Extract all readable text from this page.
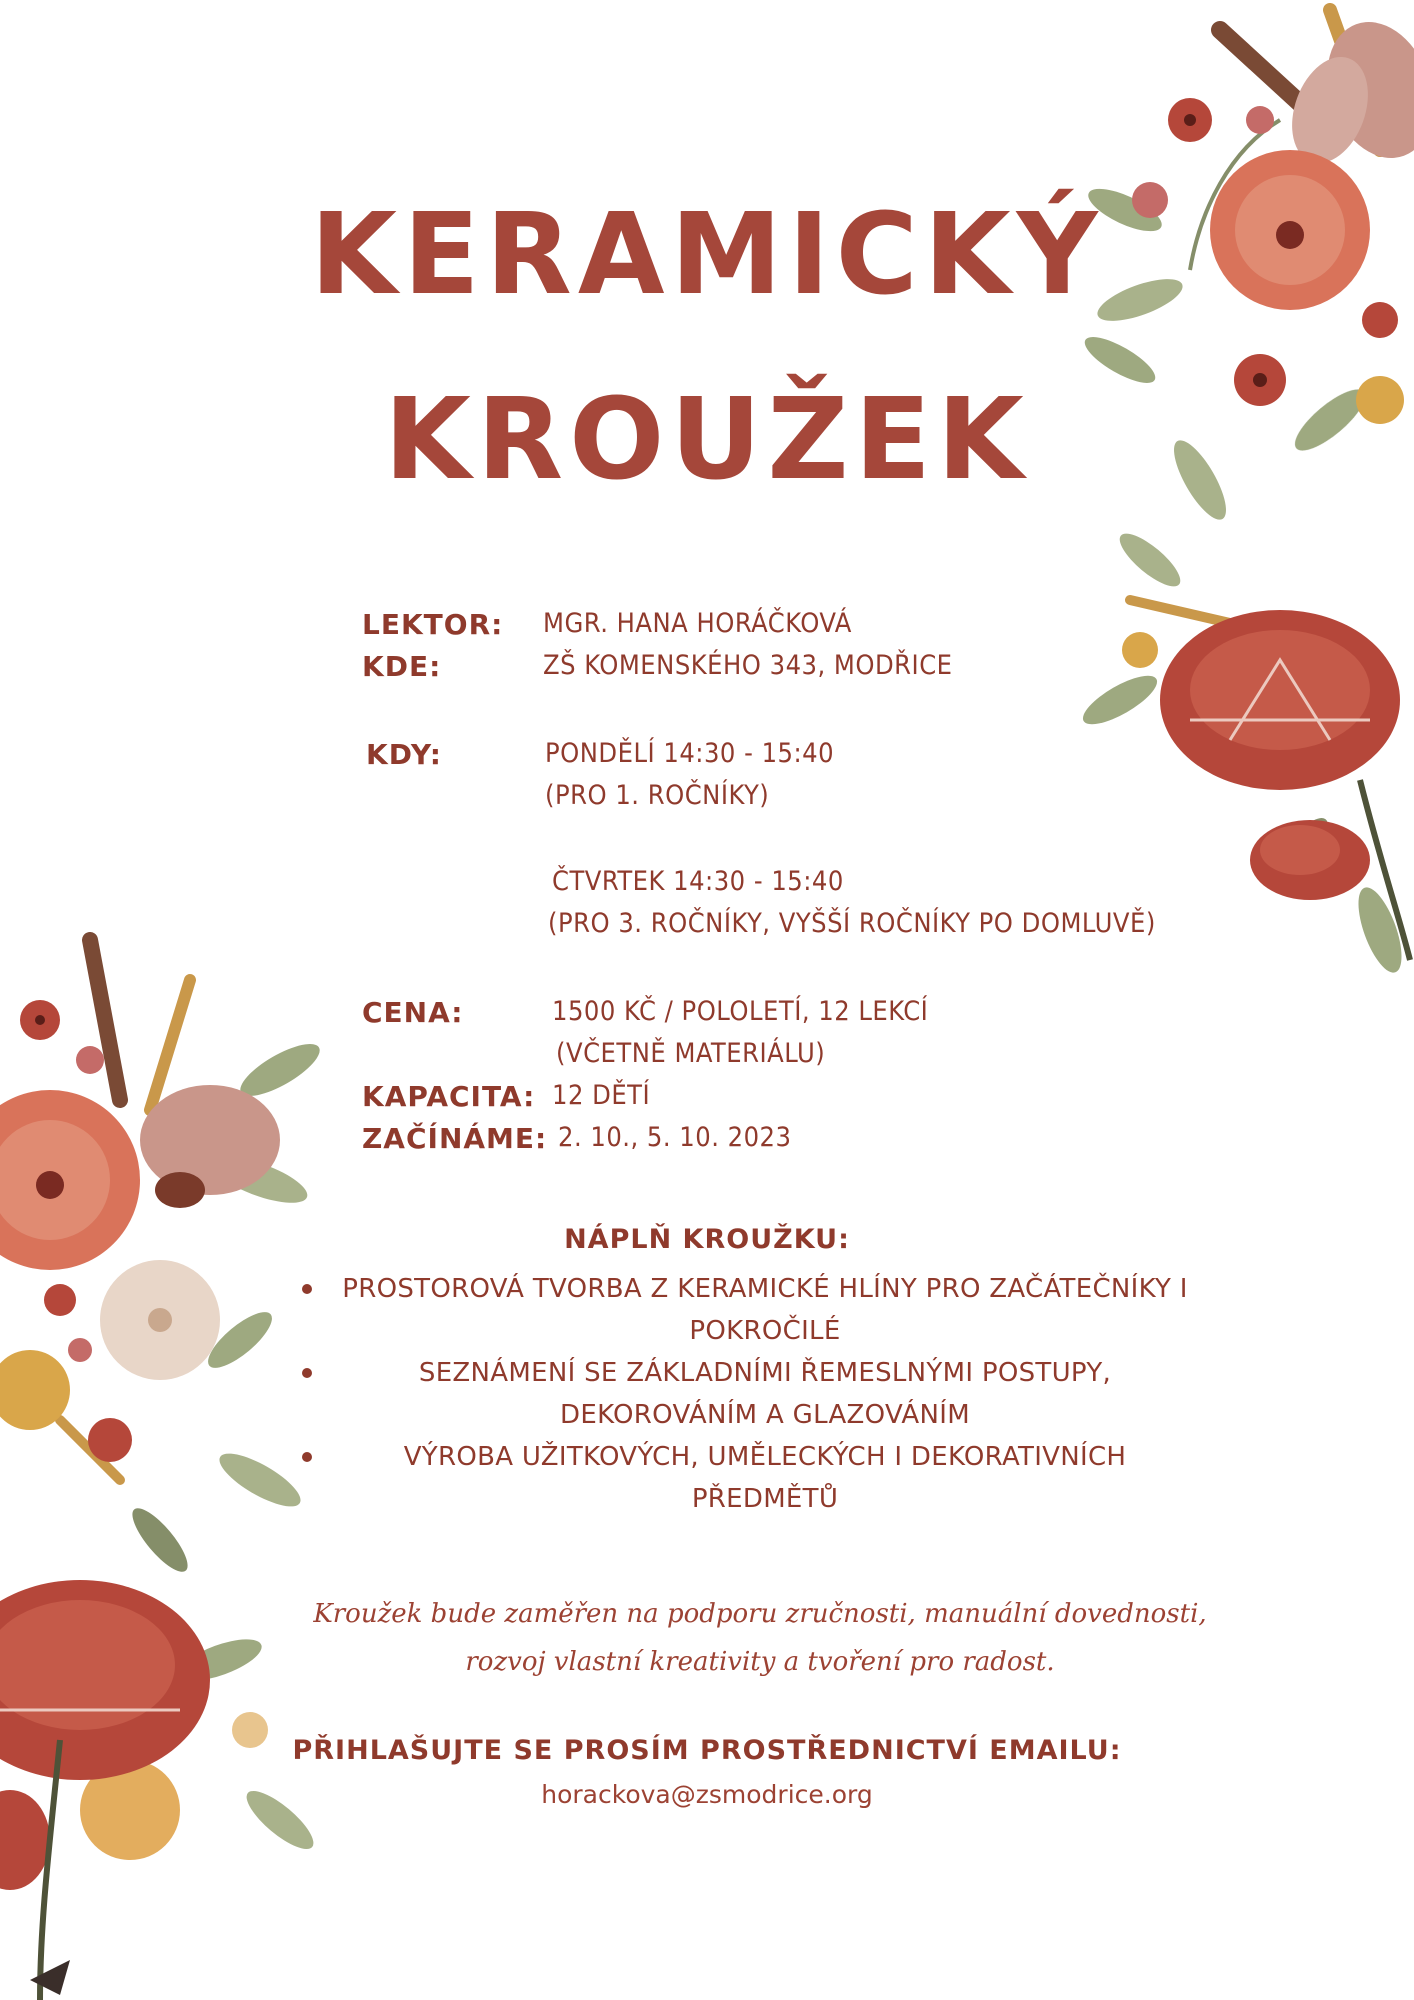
KERAMICKÝ
KROUŽEK
LEKTOR: MGR. HANA HORÁČKOVÁ
KDE:	ZŠ KOMENSKÉHO 343, MODŘICE
KDY:	PONDĚLÍ 14:30 - 15:40
(PRO 1. ROČNÍKY)
ČTVRTEK 14:30 - 15:40
(PRO 3. ROČNÍKY, VYŠŠÍ ROČNÍKY PO DOMLUVĚ)
CENA:	1500 KČ / POLOLETÍ, 12 LEKCÍ
(VČETNĚ MATERIÁLU)
KAPACITA: 12 DĚTÍ
ZAČÍNÁME: 2. 10., 5. 10. 2023
NÁPLŇ KROUŽKU:
PROSTOROVÁ TVORBA Z KERAMICKÉ HLÍNY PRO ZAČÁTEČNÍKY I POKROČILÉ
SEZNÁMENÍ SE ZÁKLADNÍMI ŘEMESLNÝMI POSTUPY, DEKOROVÁNÍM A GLAZOVÁNÍM
VÝROBA UŽITKOVÝCH, UMĚLECKÝCH I DEKORATIVNÍCH PŘEDMĚTŮ
Kroužek bude zaměřen na podporu zručnosti, manuální dovednosti, rozvoj vlastní kreativity a tvoření pro radost.
PŘIHLAŠUJTE SE PROSÍM PROSTŘEDNICTVÍ EMAILU:
horackova@zsmodrice.org
